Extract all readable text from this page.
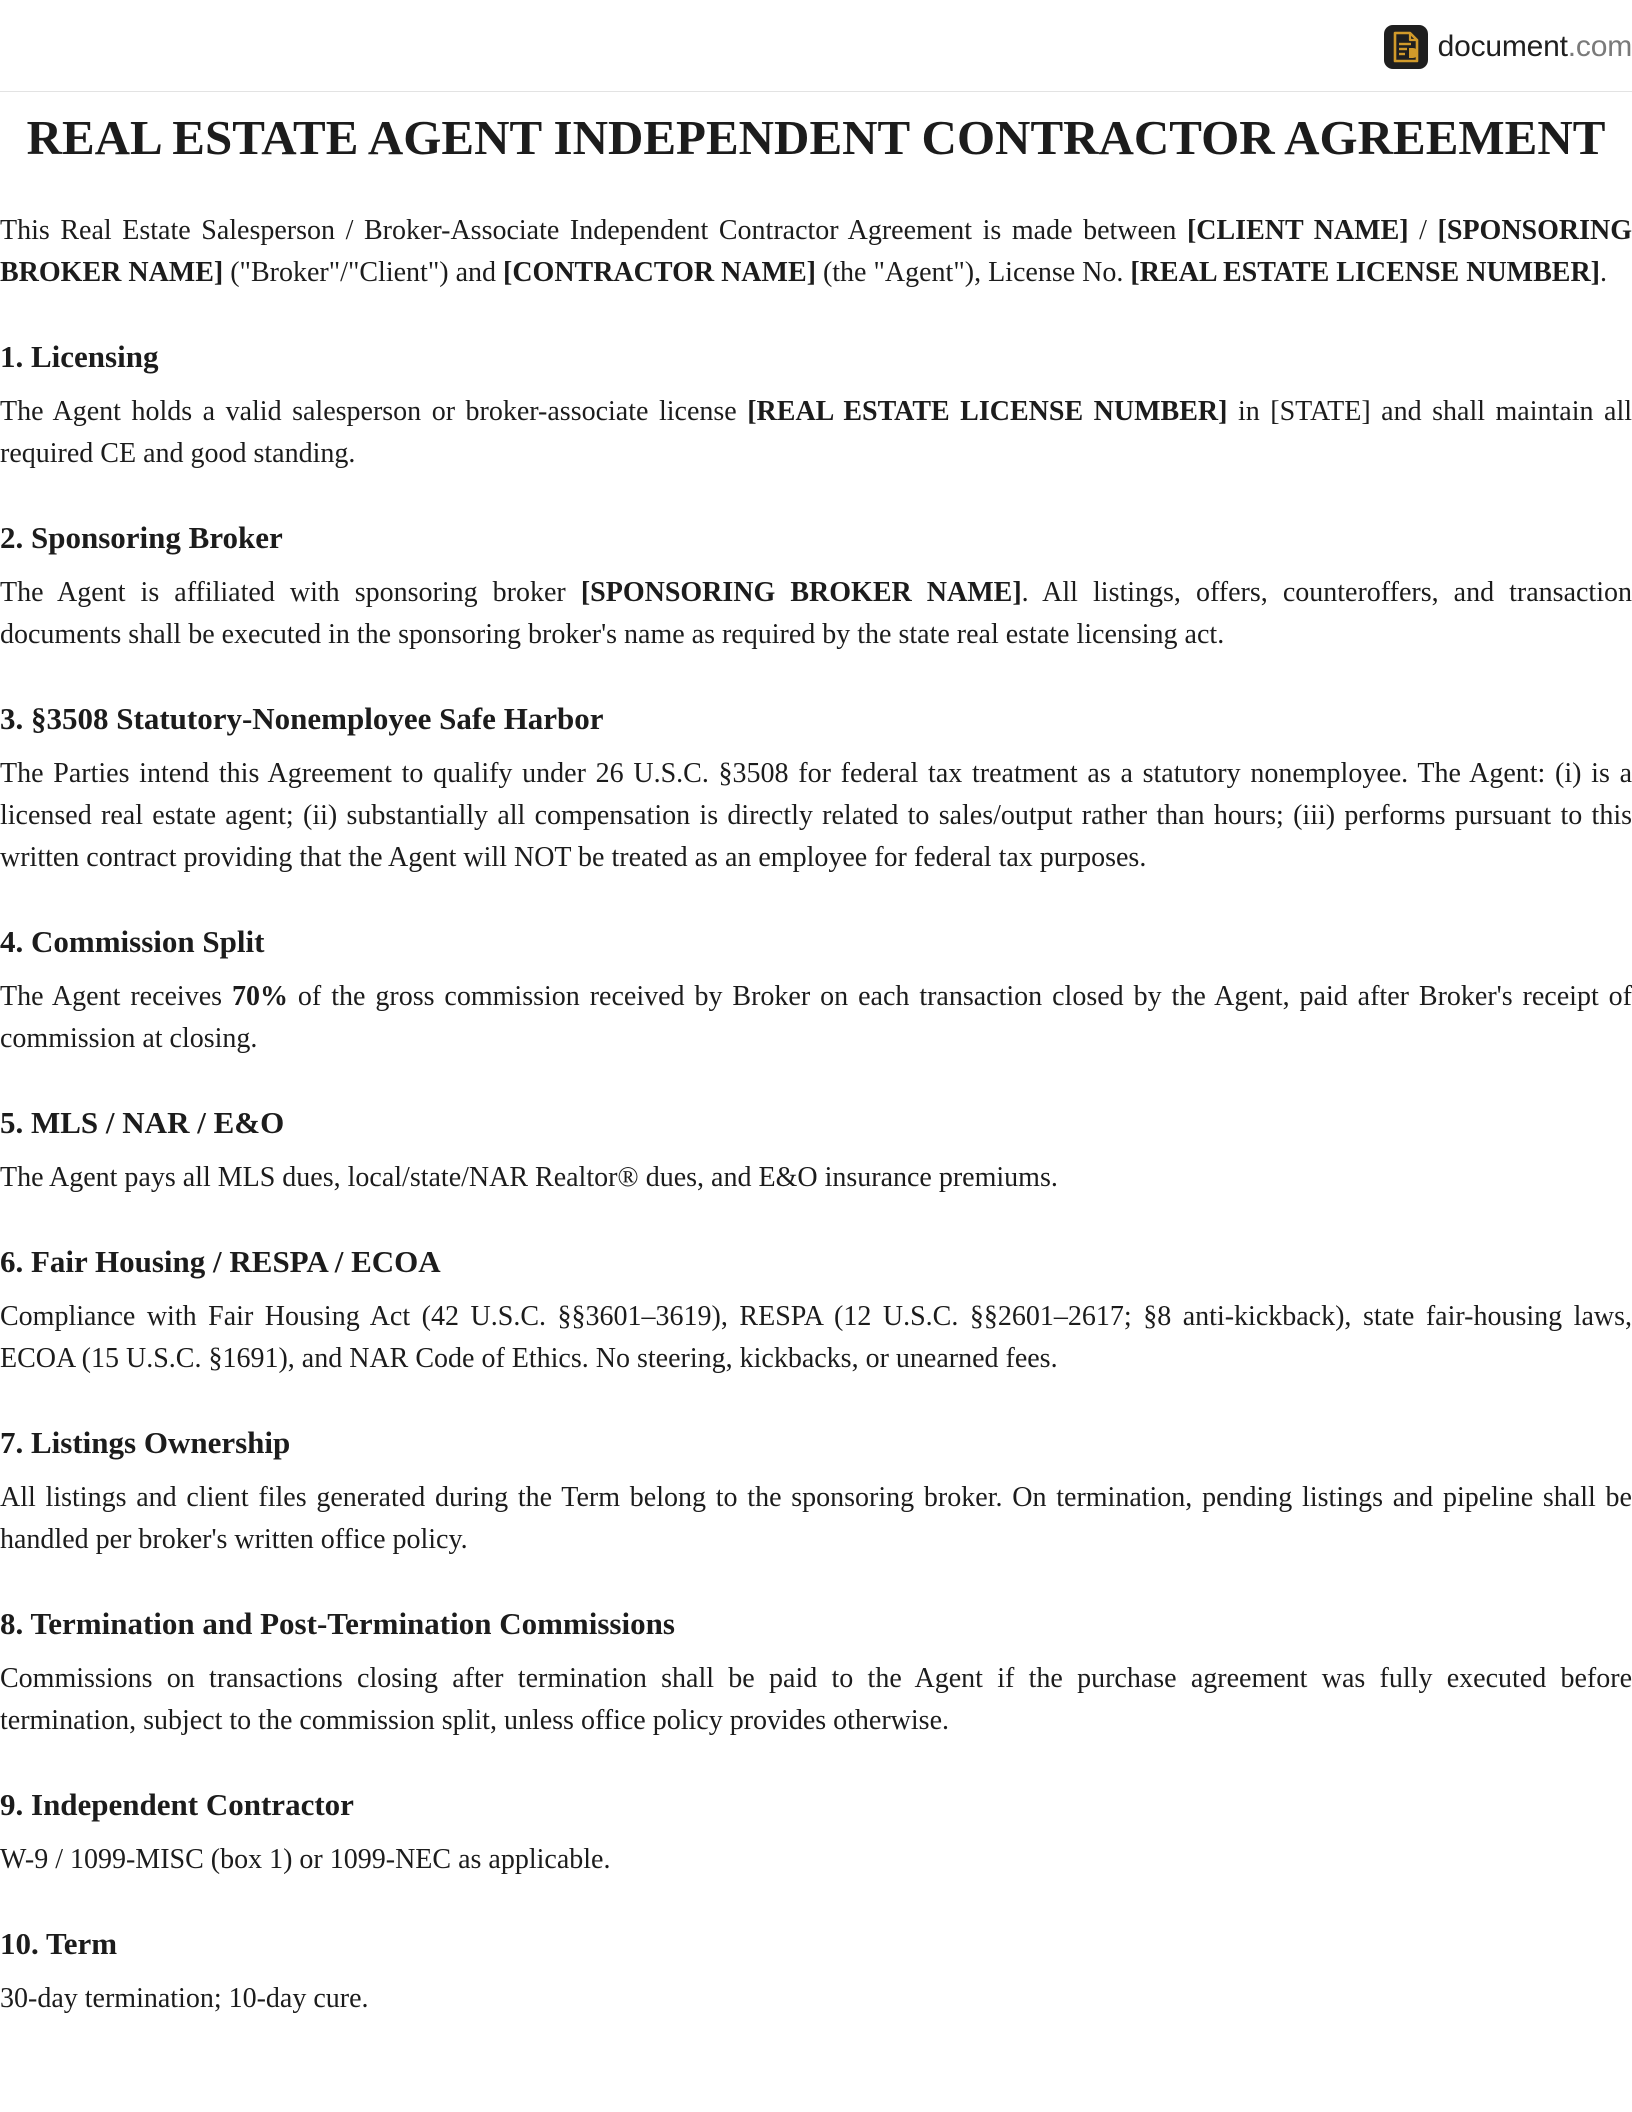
document.com
REAL ESTATE AGENT INDEPENDENT CONTRACTOR AGREEMENT

This Real Estate Salesperson / Broker-Associate Independent Contractor Agreement is made between [CLIENT NAME] / [SPONSORING BROKER NAME] ("Broker"/"Client") and [CONTRACTOR NAME] (the "Agent"), License No. [REAL ESTATE LICENSE NUMBER].

1. Licensing

The Agent holds a valid salesperson or broker-associate license [REAL ESTATE LICENSE NUMBER] in [STATE] and shall maintain all required CE and good standing.

2. Sponsoring Broker

The Agent is affiliated with sponsoring broker [SPONSORING BROKER NAME]. All listings, offers, counteroffers, and transaction documents shall be executed in the sponsoring broker's name as required by the state real estate licensing act.

3. §3508 Statutory-Nonemployee Safe Harbor

The Parties intend this Agreement to qualify under 26 U.S.C. §3508 for federal tax treatment as a statutory nonemployee. The Agent: (i) is a licensed real estate agent; (ii) substantially all compensation is directly related to sales/output rather than hours; (iii) performs pursuant to this written contract providing that the Agent will NOT be treated as an employee for federal tax purposes.

4. Commission Split

The Agent receives 70% of the gross commission received by Broker on each transaction closed by the Agent, paid after Broker's receipt of commission at closing.

5. MLS / NAR / E&O

The Agent pays all MLS dues, local/state/NAR Realtor® dues, and E&O insurance premiums.

6. Fair Housing / RESPA / ECOA

Compliance with Fair Housing Act (42 U.S.C. §§3601–3619), RESPA (12 U.S.C. §§2601–2617; §8 anti-kickback), state fair-housing laws, ECOA (15 U.S.C. §1691), and NAR Code of Ethics. No steering, kickbacks, or unearned fees.

7. Listings Ownership

All listings and client files generated during the Term belong to the sponsoring broker. On termination, pending listings and pipeline shall be handled per broker's written office policy.

8. Termination and Post-Termination Commissions

Commissions on transactions closing after termination shall be paid to the Agent if the purchase agreement was fully executed before termination, subject to the commission split, unless office policy provides otherwise.

9. Independent Contractor

W-9 / 1099-MISC (box 1) or 1099-NEC as applicable.

10. Term

30-day termination; 10-day cure.
